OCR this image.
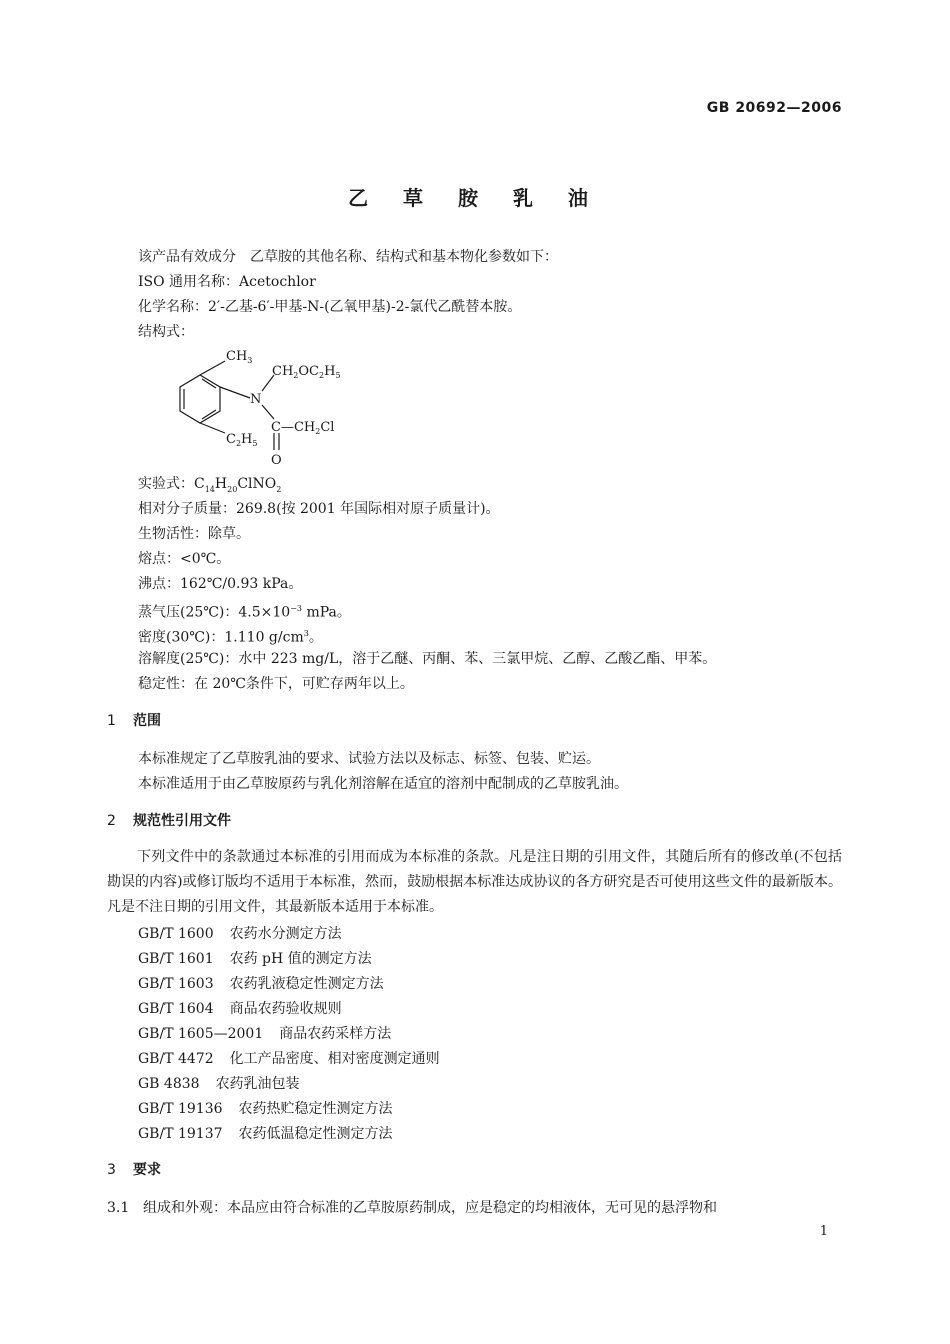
GB 20692—2006
乙 草 胺 乳 油
该产品有效成分　乙草胺的其他名称、结构式和基本物化参数如下：
ISO 通用名称：Acetochlor
化学名称：2′-乙基-6′-甲基-N-(乙氧甲基)-2-氯代乙酰替本胺。
结构式：
$CH_3$
N
$CH_2OC_2H_5$
$C—CH_2Cl$
$C_2H_5$
O
实验式：$C_{14}H_{20}ClNO_2$
相对分子质量：269.8(按 2001 年国际相对原子质量计)。
生物活性：除草。
熔点：<0℃。
沸点：162℃/0.93 kPa。
蒸气压(25℃)：$4.5\times 10^{-3}$ mPa。
密度(30℃)：1.110 $g/cm^3$。
溶解度(25℃)：水中 223 mg/L，溶于乙醚、丙酮、苯、三氯甲烷、乙醇、乙酸乙酯、甲苯。
稳定性：在 20℃条件下，可贮存两年以上。
1 范围
本标准规定了乙草胺乳油的要求、试验方法以及标志、标签、包装、贮运。
本标准适用于由乙草胺原药与乳化剂溶解在适宜的溶剂中配制成的乙草胺乳油。
2 规范性引用文件
下列文件中的条款通过本标准的引用而成为本标准的条款。凡是注日期的引用文件，其随后所有的修改单(不包括勘误的内容)或修订版均不适用于本标准，然而，鼓励根据本标准达成协议的各方研究是否可使用这些文件的最新版本。凡是不注日期的引用文件，其最新版本适用于本标准。
GB/T 1600 农药水分测定方法
GB/T 1601 农药 pH 值的测定方法
GB/T 1603 农药乳液稳定性测定方法
GB/T 1604 商品农药验收规则
GB/T 1605—2001 商品农药采样方法
GB/T 4472 化工产品密度、相对密度测定通则
GB 4838 农药乳油包装
GB/T 19136 农药热贮稳定性测定方法
GB/T 19137 农药低温稳定性测定方法
3 要求
3.1 组成和外观：本品应由符合标准的乙草胺原药制成，应是稳定的均相液体，无可见的悬浮物和
1
